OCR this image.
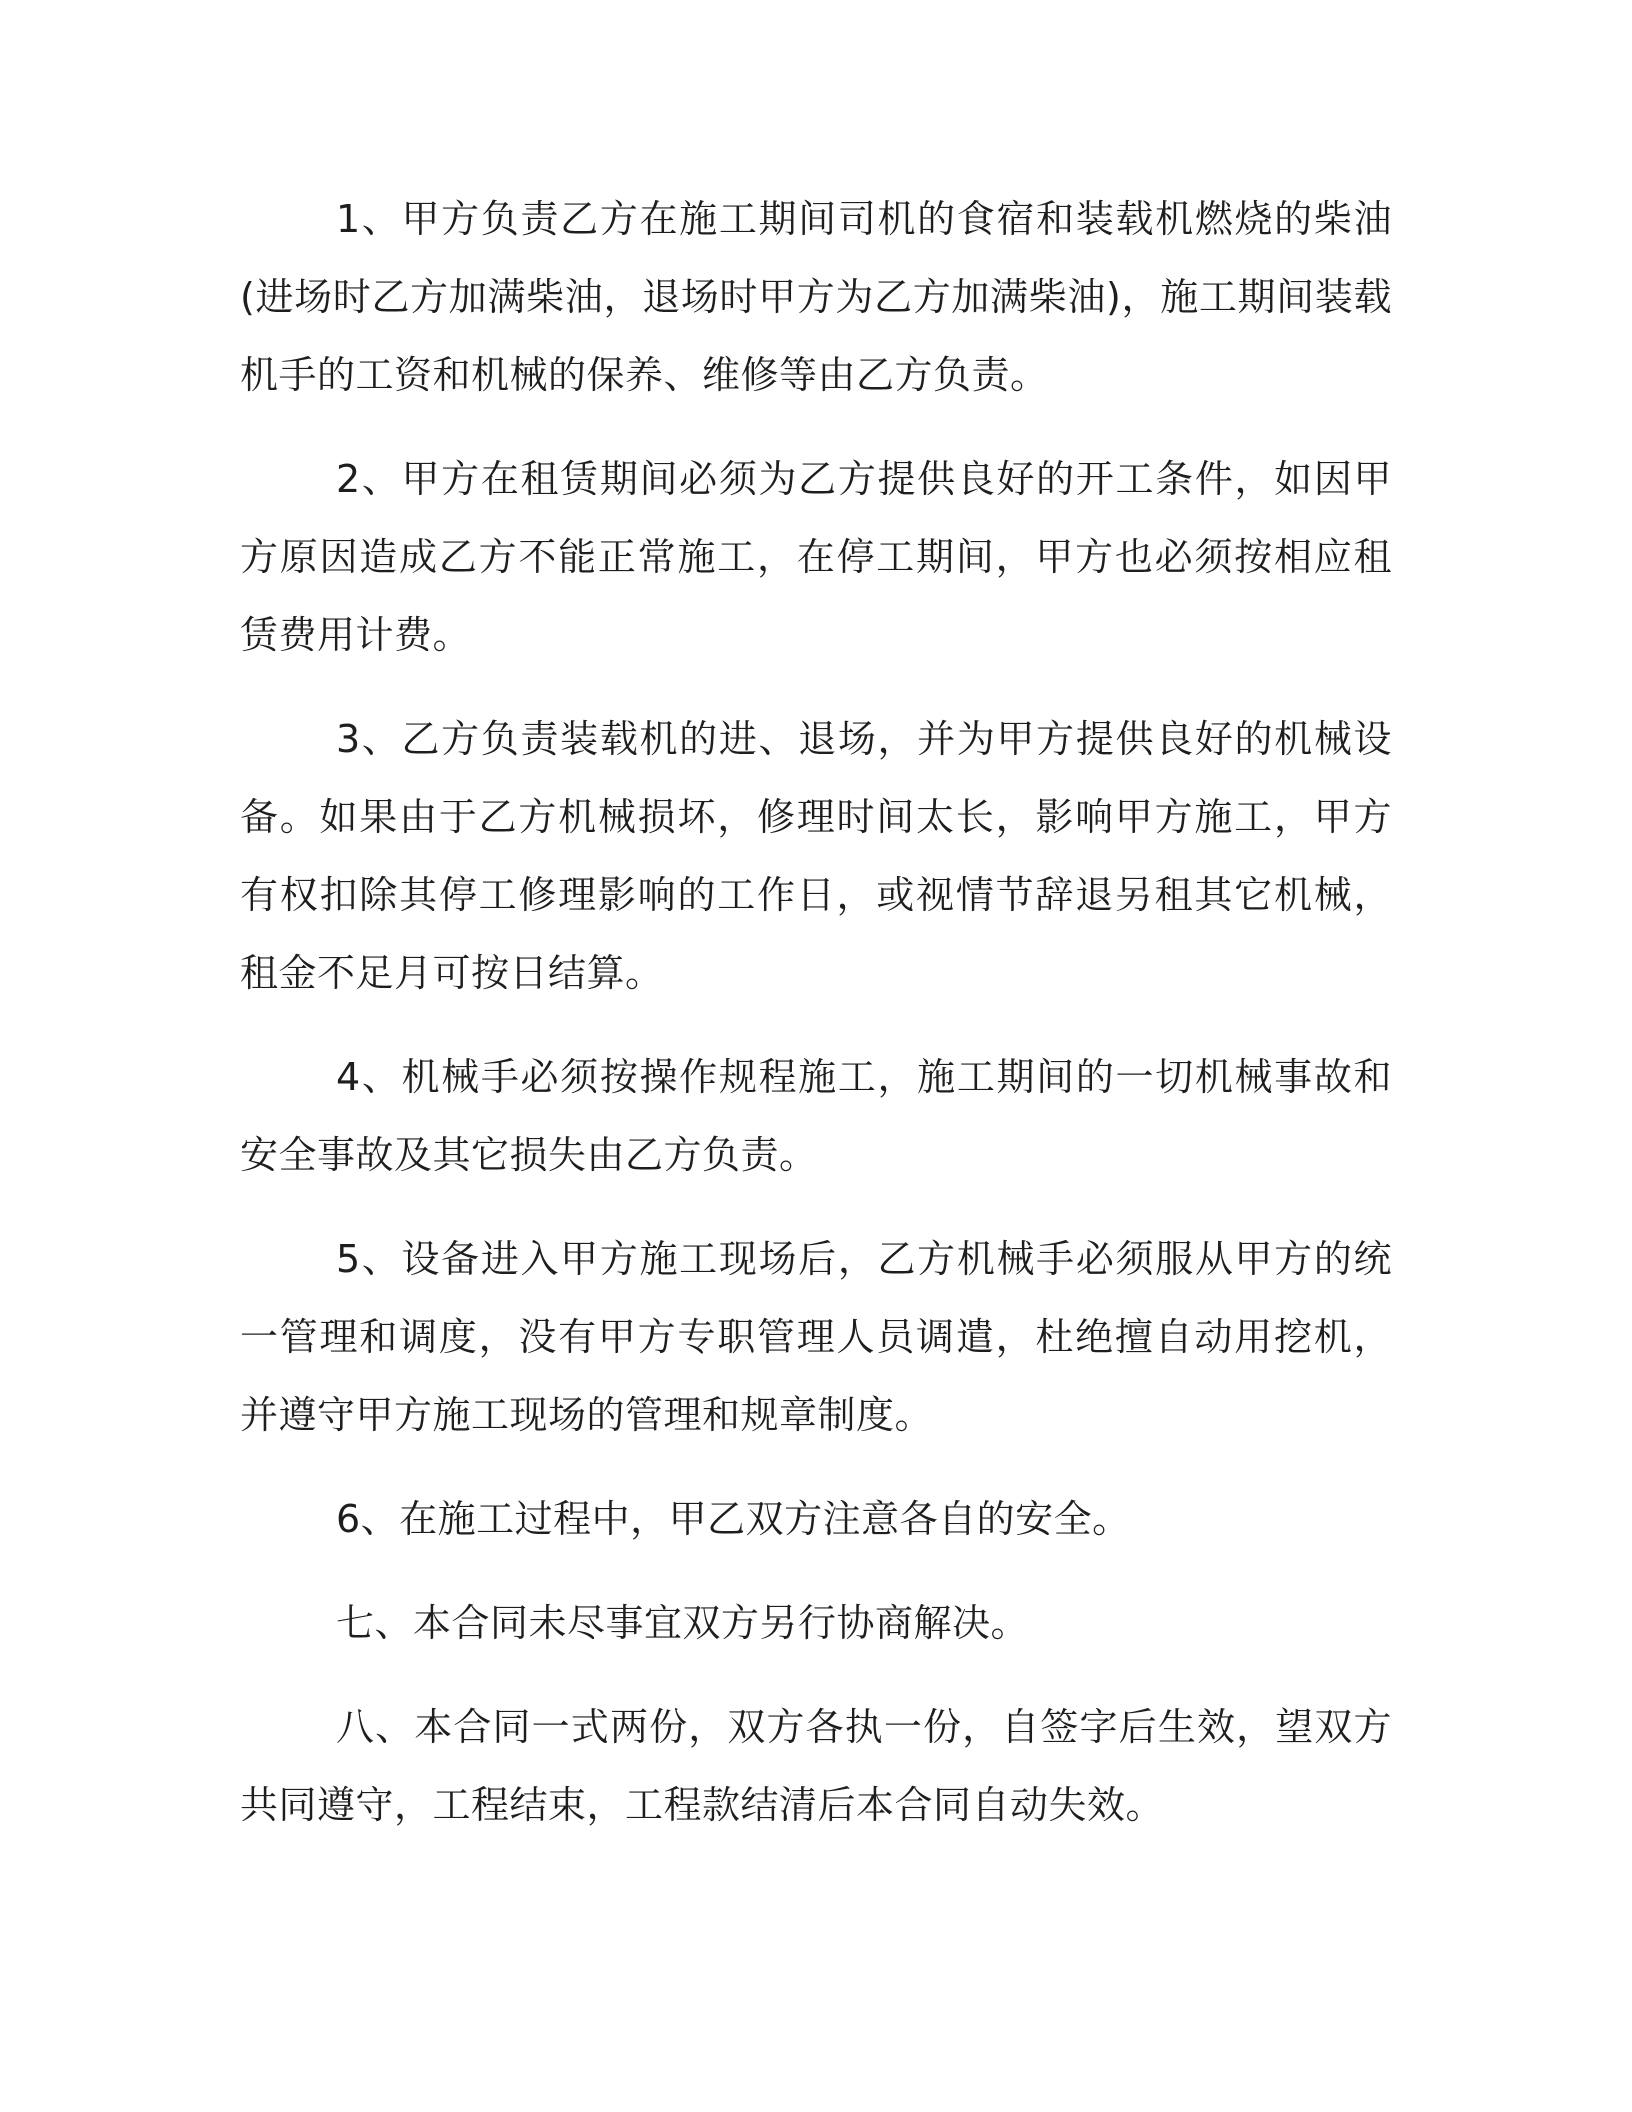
1、甲方负责乙方在施工期间司机的食宿和装载机燃烧的柴油 (进场时乙方加满柴油，退场时甲方为乙方加满柴油)，施工期间装载机手的工资和机械的保养、维修等由乙方负责。

2、甲方在租赁期间必须为乙方提供良好的开工条件，如因甲方原因造成乙方不能正常施工，在停工期间，甲方也必须按相应租赁费用计费。

3、乙方负责装载机的进、退场，并为甲方提供良好的机械设备。如果由于乙方机械损坏，修理时间太长，影响甲方施工，甲方有权扣除其停工修理影响的工作日，或视情节辞退另租其它机械，租金不足月可按日结算。

4、机械手必须按操作规程施工，施工期间的一切机械事故和安全事故及其它损失由乙方负责。

5、设备进入甲方施工现场后，乙方机械手必须服从甲方的统一管理和调度，没有甲方专职管理人员调遣，杜绝擅自动用挖机，并遵守甲方施工现场的管理和规章制度。

6、在施工过程中，甲乙双方注意各自的安全。

七、本合同未尽事宜双方另行协商解决。

八、本合同一式两份，双方各执一份，自签字后生效，望双方共同遵守，工程结束，工程款结清后本合同自动失效。
